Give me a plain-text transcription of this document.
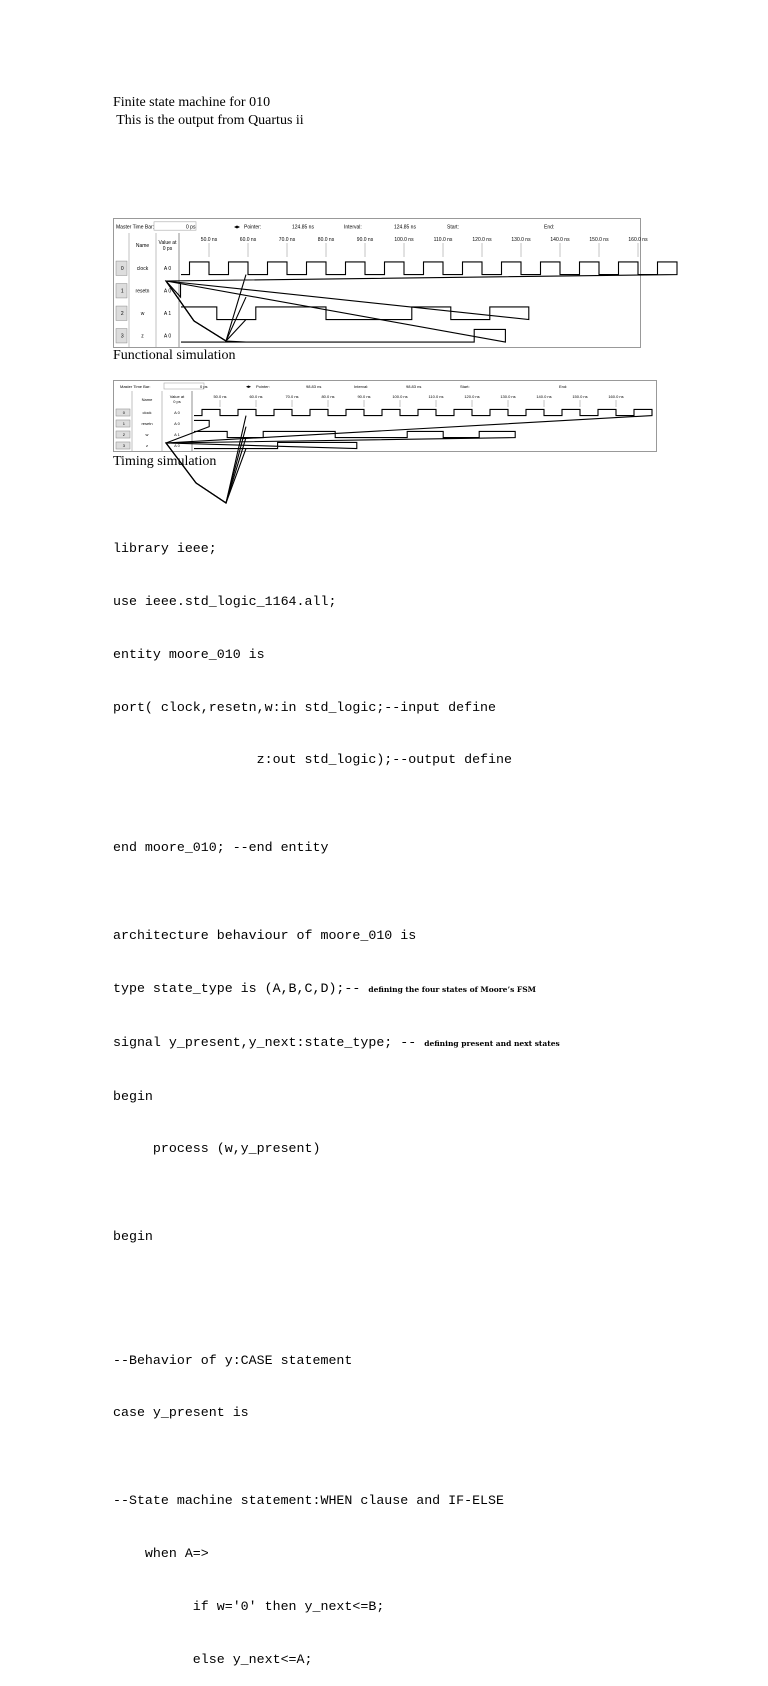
Finite state machine for 010
This is the output from Quartus ii
Master Time Bar:	0 ps	◂▸ Pointer:	124.85 ns	Interval:	124.85 ns	Start:	End:
Name Value at
0 ps
50.0 ns	60.0 ns	70.0 ns	80.0 ns	90.0 ns	100.0 ns	110.0 ns	120.0 ns	130.0 ns	140.0 ns	150.0 ns	160.0 ns
0	clock	A 0
1 resetn	A 0
2	w	A 1
3	z	A 0
Functional simulation
Master Time Bar:	0 ps	◂▸ Pointer:	98.83 ns	Interval:	98.83 ns	Start:	End:
Name
Value at
0 ps
50.0 ns	60.0 ns	70.0 ns	80.0 ns	90.0 ns	100.0 ns	110.0 ns	120.0 ns	130.0 ns	140.0 ns	150.0 ns	160.0 ns
0	clock	A 0
1	resetn	A 0
2	w	A 1
3	z	A 0
Timing simulation

library ieee;

use ieee.std_logic_1164.all;

entity moore_010 is

port( clock,resetn,w:in std_logic;--input define

z:out std_logic);--output define

end moore_010; --end entity

architecture behaviour of moore_010 is

type state_type is (A,B,C,D);-- defining the four states of Moore’s FSM

signal y_present,y_next:state_type; -- defining present and next states

begin

process (w,y_present)

begin

--Behavior of y:CASE statement

case y_present is

--State machine statement:WHEN clause and IF-ELSE

when A=>

if w='0' then y_next<=B;

else y_next<=A;
